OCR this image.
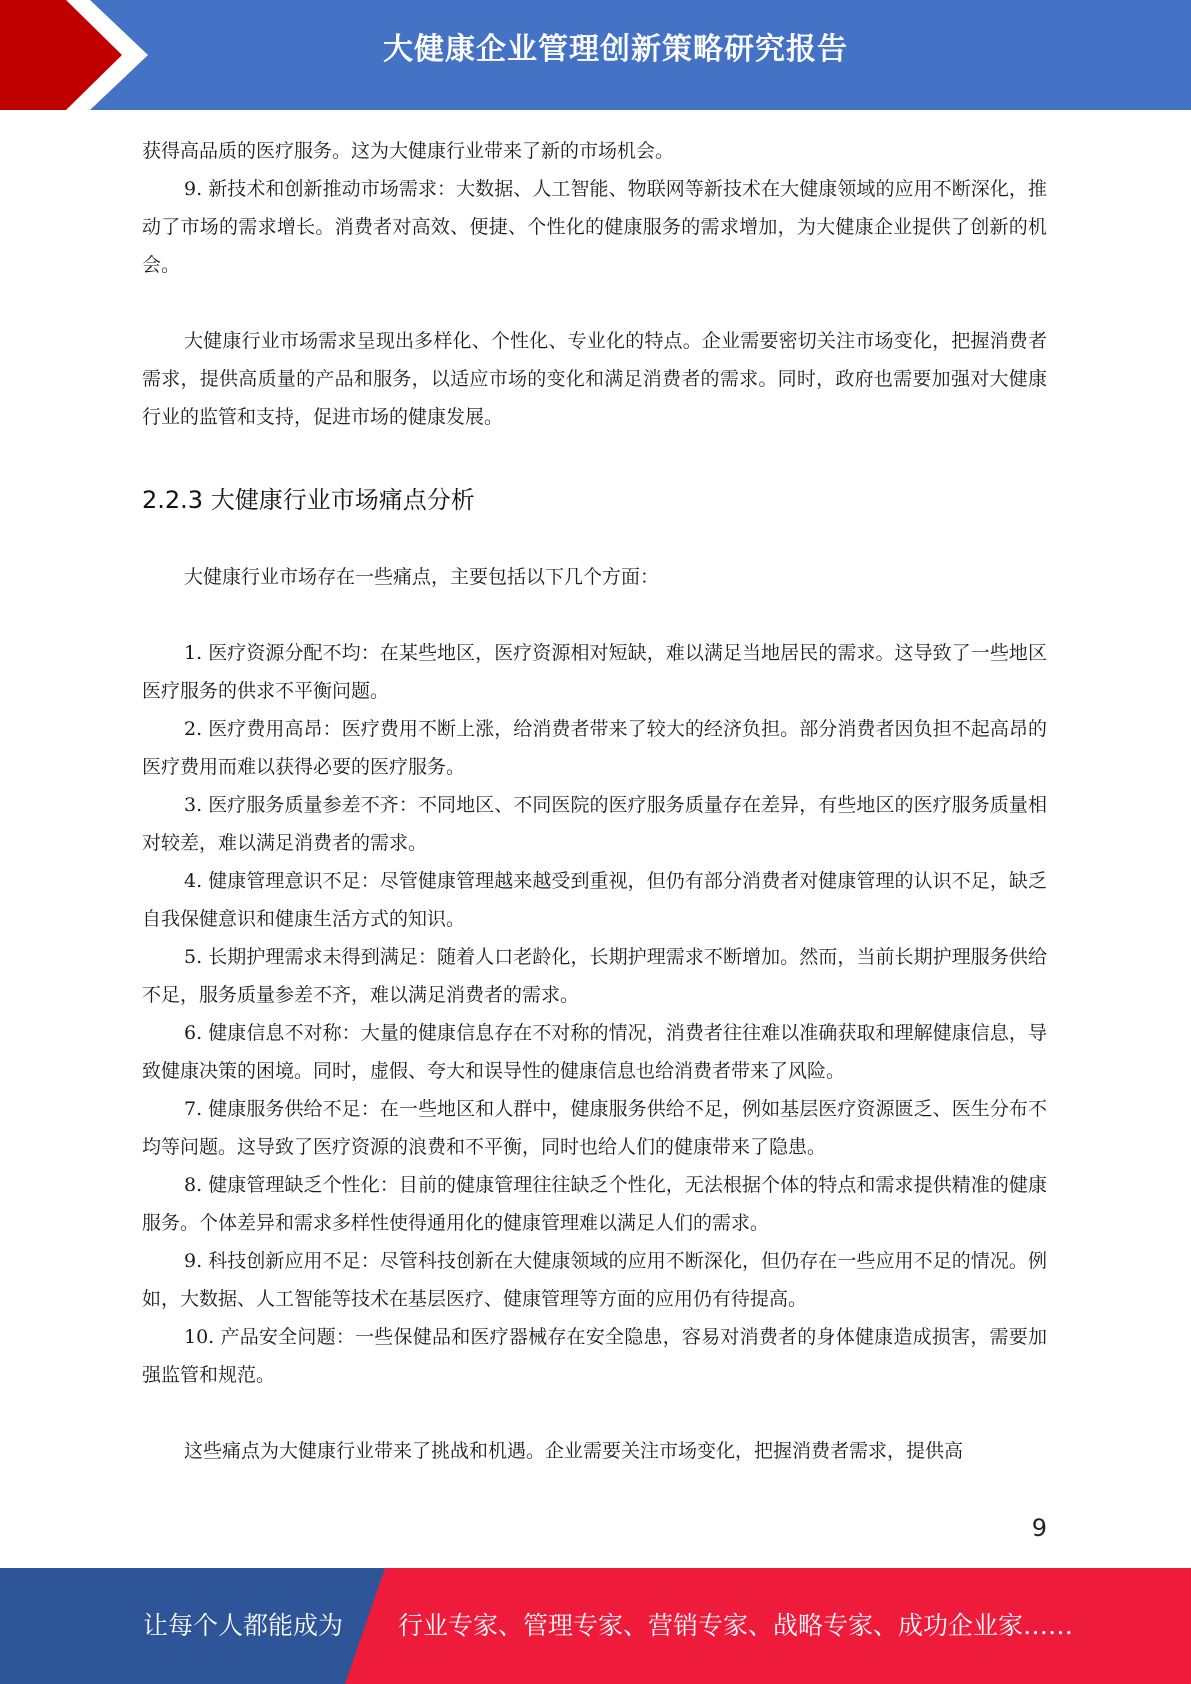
大健康企业管理创新策略研究报告

获得高品质的医疗服务。这为大健康行业带来了新的市场机会。

9. 新技术和创新推动市场需求：大数据、人工智能、物联网等新技术在大健康领域的应用不断深化，推动了市场的需求增长。消费者对高效、便捷、个性化的健康服务的需求增加，为大健康企业提供了创新的机会。

大健康行业市场需求呈现出多样化、个性化、专业化的特点。企业需要密切关注市场变化，把握消费者需求，提供高质量的产品和服务，以适应市场的变化和满足消费者的需求。同时，政府也需要加强对大健康行业的监管和支持，促进市场的健康发展。

2.2.3 大健康行业市场痛点分析

大健康行业市场存在一些痛点，主要包括以下几个方面：

1. 医疗资源分配不均：在某些地区，医疗资源相对短缺，难以满足当地居民的需求。这导致了一些地区医疗服务的供求不平衡问题。

2. 医疗费用高昂：医疗费用不断上涨，给消费者带来了较大的经济负担。部分消费者因负担不起高昂的医疗费用而难以获得必要的医疗服务。

3. 医疗服务质量参差不齐：不同地区、不同医院的医疗服务质量存在差异，有些地区的医疗服务质量相对较差，难以满足消费者的需求。

4. 健康管理意识不足：尽管健康管理越来越受到重视，但仍有部分消费者对健康管理的认识不足，缺乏自我保健意识和健康生活方式的知识。

5. 长期护理需求未得到满足：随着人口老龄化，长期护理需求不断增加。然而，当前长期护理服务供给不足，服务质量参差不齐，难以满足消费者的需求。

6. 健康信息不对称：大量的健康信息存在不对称的情况，消费者往往难以准确获取和理解健康信息，导致健康决策的困境。同时，虚假、夸大和误导性的健康信息也给消费者带来了风险。

7. 健康服务供给不足：在一些地区和人群中，健康服务供给不足，例如基层医疗资源匮乏、医生分布不均等问题。这导致了医疗资源的浪费和不平衡，同时也给人们的健康带来了隐患。

8. 健康管理缺乏个性化：目前的健康管理往往缺乏个性化，无法根据个体的特点和需求提供精准的健康服务。个体差异和需求多样性使得通用化的健康管理难以满足人们的需求。

9. 科技创新应用不足：尽管科技创新在大健康领域的应用不断深化，但仍存在一些应用不足的情况。例如，大数据、人工智能等技术在基层医疗、健康管理等方面的应用仍有待提高。

10. 产品安全问题：一些保健品和医疗器械存在安全隐患，容易对消费者的身体健康造成损害，需要加强监管和规范。

这些痛点为大健康行业带来了挑战和机遇。企业需要关注市场变化，把握消费者需求，提供高

9
让每个人都能成为 行业专家、管理专家、营销专家、战略专家、成功企业家……
